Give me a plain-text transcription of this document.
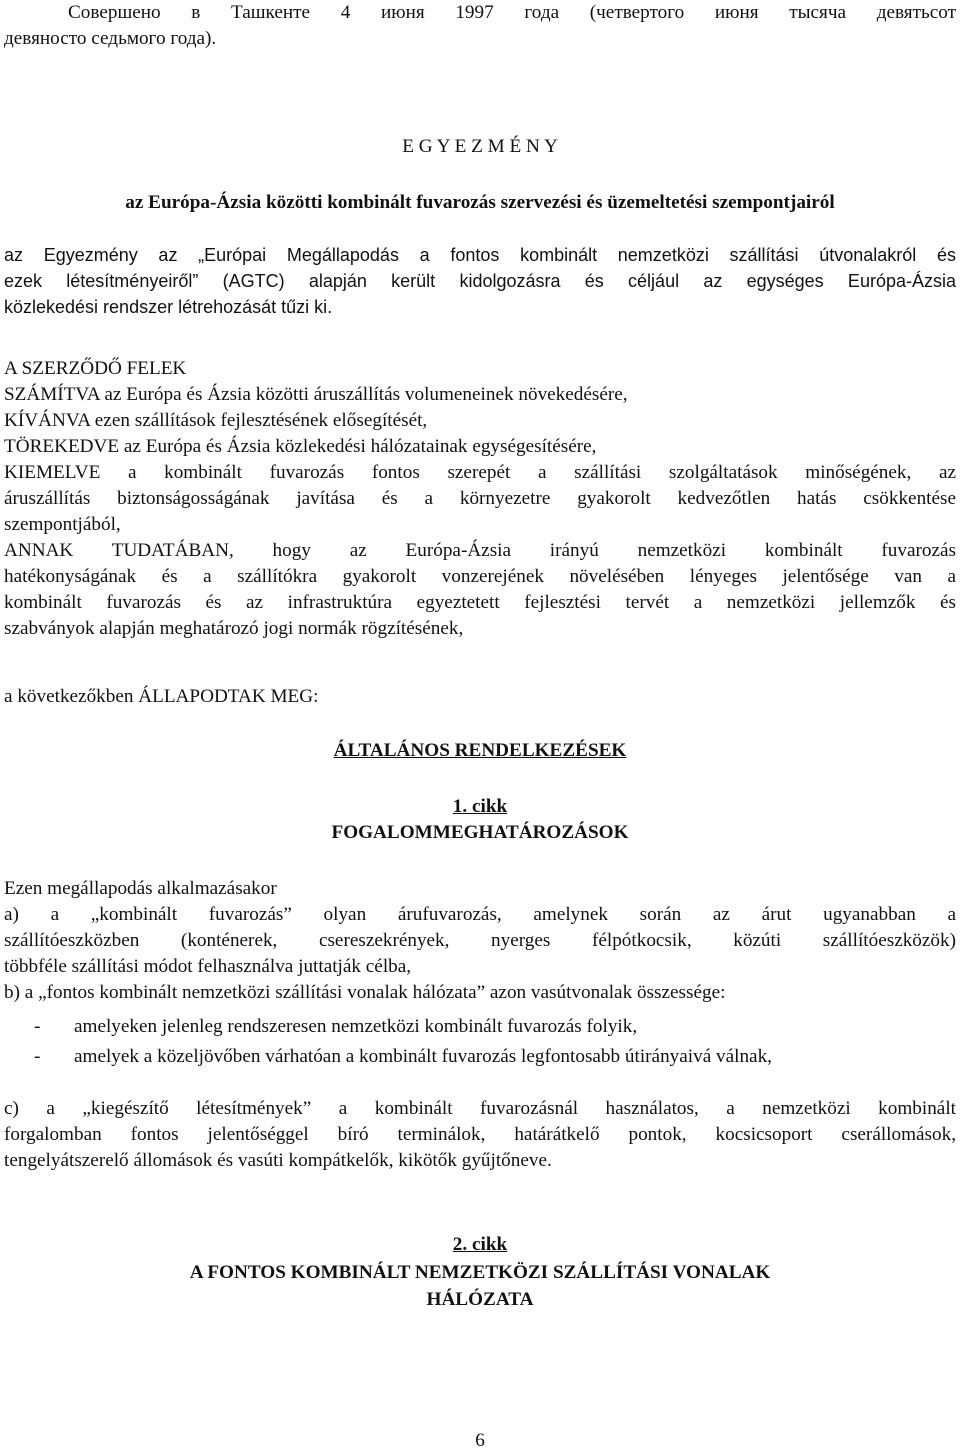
Совершено в Ташкенте 4 июня 1997 года (четвертого июня тысяча девятьсот
девяносто седьмого года).
E G Y E Z M É N Y
az Európa-Ázsia közötti kombinált fuvarozás szervezési és üzemeltetési szempontjairól
az Egyezmény az „Európai Megállapodás a fontos kombinált nemzetközi szállítási útvonalakról és
ezek létesítményeiről” (AGTC) alapján került kidolgozásra és céljául az egységes Európa-Ázsia
közlekedési rendszer létrehozását tűzi ki.
A SZERZŐDŐ FELEK
SZÁMÍTVA az Európa és Ázsia közötti áruszállítás volumeneinek növekedésére,
KÍVÁNVA ezen szállítások fejlesztésének elősegítését,
TÖREKEDVE az Európa és Ázsia közlekedési hálózatainak egységesítésére,
KIEMELVE a kombinált fuvarozás fontos szerepét a szállítási szolgáltatások minőségének, az
áruszállítás biztonságosságának javítása és a környezetre gyakorolt kedvezőtlen hatás csökkentése
szempontjából,
ANNAK TUDATÁBAN, hogy az Európa-Ázsia irányú nemzetközi kombinált fuvarozás
hatékonyságának és a szállítókra gyakorolt vonzerejének növelésében lényeges jelentősége van a
kombinált fuvarozás és az infrastruktúra egyeztetett fejlesztési tervét a nemzetközi jellemzők és
szabványok alapján meghatározó jogi normák rögzítésének,
a következőkben ÁLLAPODTAK MEG:
ÁLTALÁNOS RENDELKEZÉSEK
1. cikk
FOGALOMMEGHATÁROZÁSOK
Ezen megállapodás alkalmazásakor
a) a „kombinált fuvarozás” olyan árufuvarozás, amelynek során az árut ugyanabban a
szállítóeszközben (konténerek, csereszekrények, nyerges félpótkocsik, közúti szállítóeszközök)
többféle szállítási módot felhasználva juttatják célba,
b) a „fontos kombinált nemzetközi szállítási vonalak hálózata” azon vasútvonalak összessége:
- amelyeken jelenleg rendszeresen nemzetközi kombinált fuvarozás folyik,
- amelyek a közeljövőben várhatóan a kombinált fuvarozás legfontosabb útirányaivá válnak,
c) a „kiegészítő létesítmények” a kombinált fuvarozásnál használatos, a nemzetközi kombinált
forgalomban fontos jelentőséggel bíró terminálok, határátkelő pontok, kocsicsoport cserállomások,
tengelyátszerelő állomások és vasúti kompátkelők, kikötők gyűjtőneve.
2. cikk
A FONTOS KOMBINÁLT NEMZETKÖZI SZÁLLÍTÁSI VONALAK
HÁLÓZATA
6
